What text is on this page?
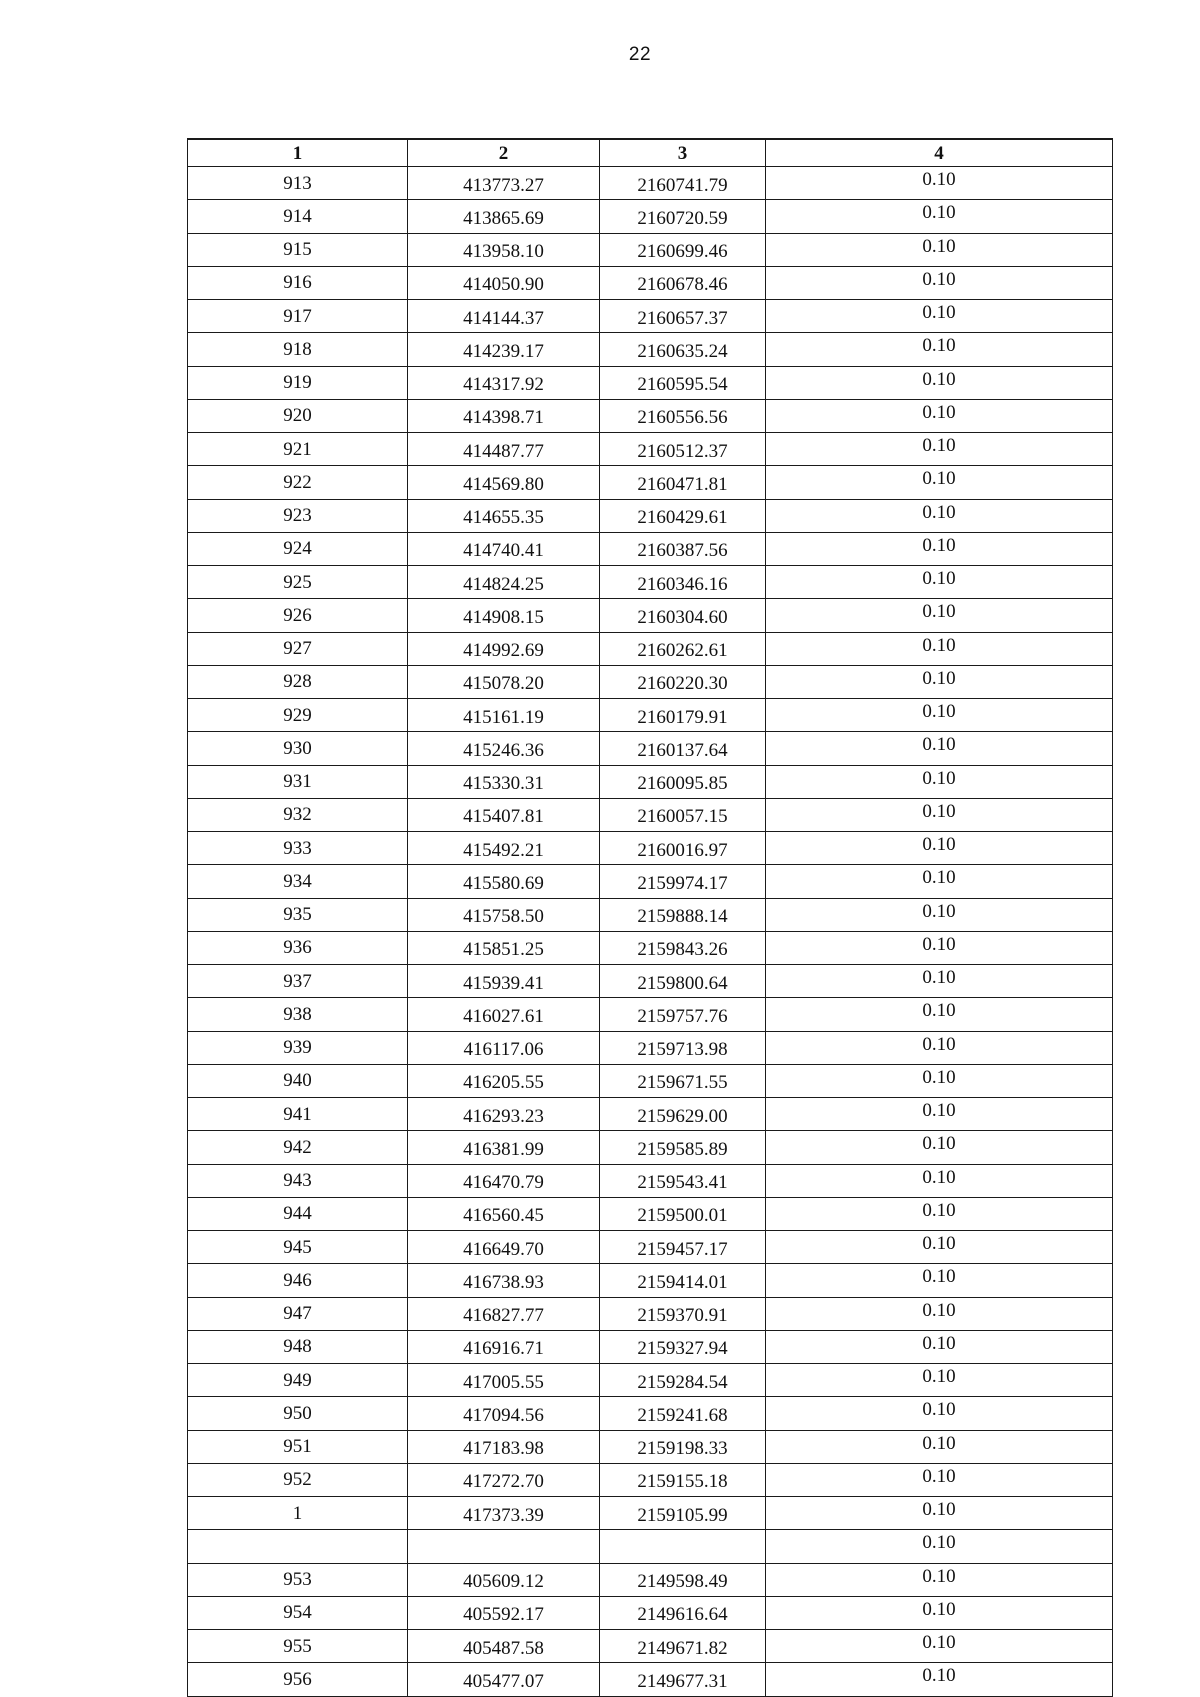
22
1	2	3	4
913	413773.27	2160741.79	0.10
914	413865.69	2160720.59	0.10
915	413958.10	2160699.46	0.10
916	414050.90	2160678.46	0.10
917	414144.37	2160657.37	0.10
918	414239.17	2160635.24	0.10
919	414317.92	2160595.54	0.10
920	414398.71	2160556.56	0.10
921	414487.77	2160512.37	0.10
922	414569.80	2160471.81	0.10
923	414655.35	2160429.61	0.10
924	414740.41	2160387.56	0.10
925	414824.25	2160346.16	0.10
926	414908.15	2160304.60	0.10
927	414992.69	2160262.61	0.10
928	415078.20	2160220.30	0.10
929	415161.19	2160179.91	0.10
930	415246.36	2160137.64	0.10
931	415330.31	2160095.85	0.10
932	415407.81	2160057.15	0.10
933	415492.21	2160016.97	0.10
934	415580.69	2159974.17	0.10
935	415758.50	2159888.14	0.10
936	415851.25	2159843.26	0.10
937	415939.41	2159800.64	0.10
938	416027.61	2159757.76	0.10
939	416117.06	2159713.98	0.10
940	416205.55	2159671.55	0.10
941	416293.23	2159629.00	0.10
942	416381.99	2159585.89	0.10
943	416470.79	2159543.41	0.10
944	416560.45	2159500.01	0.10
945	416649.70	2159457.17	0.10
946	416738.93	2159414.01	0.10
947	416827.77	2159370.91	0.10
948	416916.71	2159327.94	0.10
949	417005.55	2159284.54	0.10
950	417094.56	2159241.68	0.10
951	417183.98	2159198.33	0.10
952	417272.70	2159155.18	0.10
1	417373.39	2159105.99	0.10
			0.10
953	405609.12	2149598.49	0.10
954	405592.17	2149616.64	0.10
955	405487.58	2149671.82	0.10
956	405477.07	2149677.31	0.10
